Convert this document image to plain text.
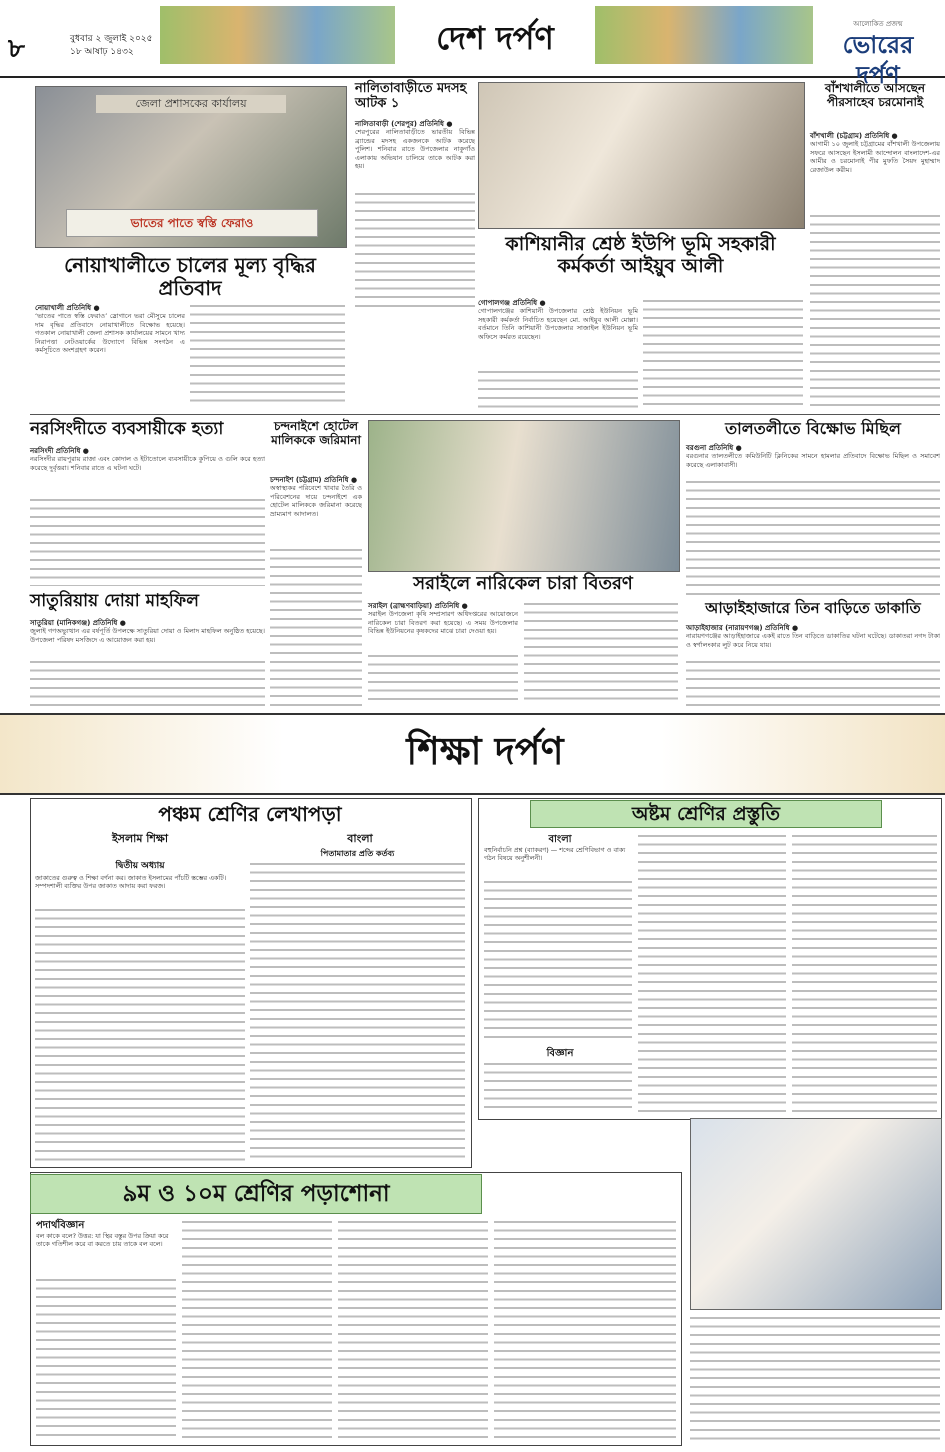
৮	বুধবার ২ জুলাই ২০২৫
১৮ আষাঢ় ১৪৩২	দেশ দর্পণ	আলোকিত প্রজন্ম
ভোরের দর্পণ
জেলা প্রশাসকের কার্যালয়
ভাতের পাতে স্বস্তি ফেরাও
নোয়াখালীতে চালের মূল্য বৃদ্ধির প্রতিবাদ
নোয়াখালী প্রতিনিধি ●
‘ভাতের পাতে স্বস্তি ফেরাও’ স্লোগানে ভরা মৌসুমে চালের দাম বৃদ্ধির প্রতিবাদে নোয়াখালীতে বিক্ষোভ হয়েছে। গতকাল নোয়াখালী জেলা প্রশাসক কার্যালয়ের সামনে খাদ্য নিরাপত্তা নেটওয়ার্কের উদ্যোগে বিভিন্ন সংগঠন এ কর্মসূচিতে অংশগ্রহণ করেন।
নালিতাবাড়ীতে মদসহ আটক ১
নালিতাবাড়ী (শেরপুর) প্রতিনিধি ●
শেরপুরের নালিতাবাড়ীতে ভারতীয় বিভিন্ন ব্র্যান্ডের মদসহ একজনকে আটক করেছে পুলিশ। শনিবার রাতে উপজেলার নাকুগাঁও এলাকায় অভিযান চালিয়ে তাকে আটক করা হয়।
কাশিয়ানীর শ্রেষ্ঠ ইউপি ভূমি সহকারী কর্মকর্তা আইয়ুব আলী
গোপালগঞ্জ প্রতিনিধি ●
গোপালগঞ্জের কাশিয়ানী উপজেলার শ্রেষ্ঠ ইউনিয়ন ভূমি সহকারী কর্মকর্তা নির্বাচিত হয়েছেন মো. আইয়ুব আলী মোল্লা। বর্তমানে তিনি কাশিয়ানী উপজেলার সাজাইল ইউনিয়ন ভূমি অফিসে কর্মরত রয়েছেন।
বাঁশখালীতে আসছেন পীরসাহেব চরমোনাই
বাঁশখালী (চট্টগ্রাম) প্রতিনিধি ●
আগামী ১০ জুলাই চট্টগ্রামের বাঁশখালী উপজেলায় সফরে আসছেন ইসলামী আন্দোলন বাংলাদেশ-এর আমীর ও চরমোনাই পীর মুফতি সৈয়দ মুহাম্মাদ রেজাউল করীম।
নরসিংদীতে ব্যবসায়ীকে হত্যা
নরসিংদী প্রতিনিধি ●
নরসিংদীর রায়পুরায় রাজা এবং কোদাল ও ইটাতোলে ব্যবসায়ীকে কুপিয়ে ও গুলি করে হত্যা করেছে দুর্বৃত্তরা। শনিবার রাতে এ ঘটনা ঘটে।
চন্দনাইশে হোটেল মালিককে জরিমানা
চন্দনাইশ (চট্টগ্রাম) প্রতিনিধি ●
অস্বাস্থ্যকর পরিবেশে খাবার তৈরি ও পরিবেশনের দায়ে চন্দনাইশে এক হোটেল মালিককে জরিমানা করেছে ভ্রাম্যমাণ আদালত।
সাতুরিয়ায় দোয়া মাহফিল
সাতুরিয়া (মানিকগঞ্জ) প্রতিনিধি ●
জুলাই গণঅভ্যুত্থান এর বর্ষপূর্তি উপলক্ষে সাতুরিয়া দোয়া ও মিলাদ মাহফিল অনুষ্ঠিত হয়েছে। উপজেলা পরিষদ মসজিদে এ আয়োজন করা হয়।
সরাইলে নারিকেল চারা বিতরণ
সরাইল (ব্রাহ্মণবাড়িয়া) প্রতিনিধি ●
সরাইল উপজেলা কৃষি সম্প্রসারণ অধিদপ্তরের আয়োজনে নারিকেল চারা বিতরণ করা হয়েছে। এ সময় উপজেলার বিভিন্ন ইউনিয়নের কৃষকদের মাঝে চারা দেওয়া হয়।
তালতলীতে বিক্ষোভ মিছিল
বরগুনা প্রতিনিধি ●
বরগুনার তালতলীতে কমিউনিটি ক্লিনিকের সামনে হামলার প্রতিবাদে বিক্ষোভ মিছিল ও সমাবেশ করেছে এলাকাবাসী।
আড়াইহাজারে তিন বাড়িতে ডাকাতি
আড়াইহাজার (নারায়ণগঞ্জ) প্রতিনিধি ●
নারায়ণগঞ্জের আড়াইহাজারে একই রাতে তিন বাড়িতে ডাকাতির ঘটনা ঘটেছে। ডাকাতরা নগদ টাকা ও স্বর্ণালংকার লুট করে নিয়ে যায়।
শিক্ষা দর্পণ
পঞ্চম শ্রেণির লেখাপড়া
ইসলাম শিক্ষা	বাংলা
দ্বিতীয় অধ্যায়
পিতামাতার প্রতি কর্তব্য
জাকাতের গুরুত্ব ও শিক্ষা বর্ণনা কর। জাকাত ইসলামের পাঁচটি স্তম্ভের একটি। সম্পদশালী ব্যক্তির উপর জাকাত আদায় করা ফরজ।
অষ্টম শ্রেণির প্রস্তুতি
বাংলা
বহুনির্বাচনি প্রশ্ন (ব্যাকরণ) — শব্দের শ্রেণিবিভাগ ও বাক্য গঠন বিষয়ে অনুশীলনী।
বিজ্ঞান
৯ম ও ১০ম শ্রেণির পড়াশোনা
পদার্থবিজ্ঞান
বল কাকে বলে? উত্তর: যা স্থির বস্তুর উপর ক্রিয়া করে তাকে গতিশীল করে বা করতে চায় তাকে বল বলে।
